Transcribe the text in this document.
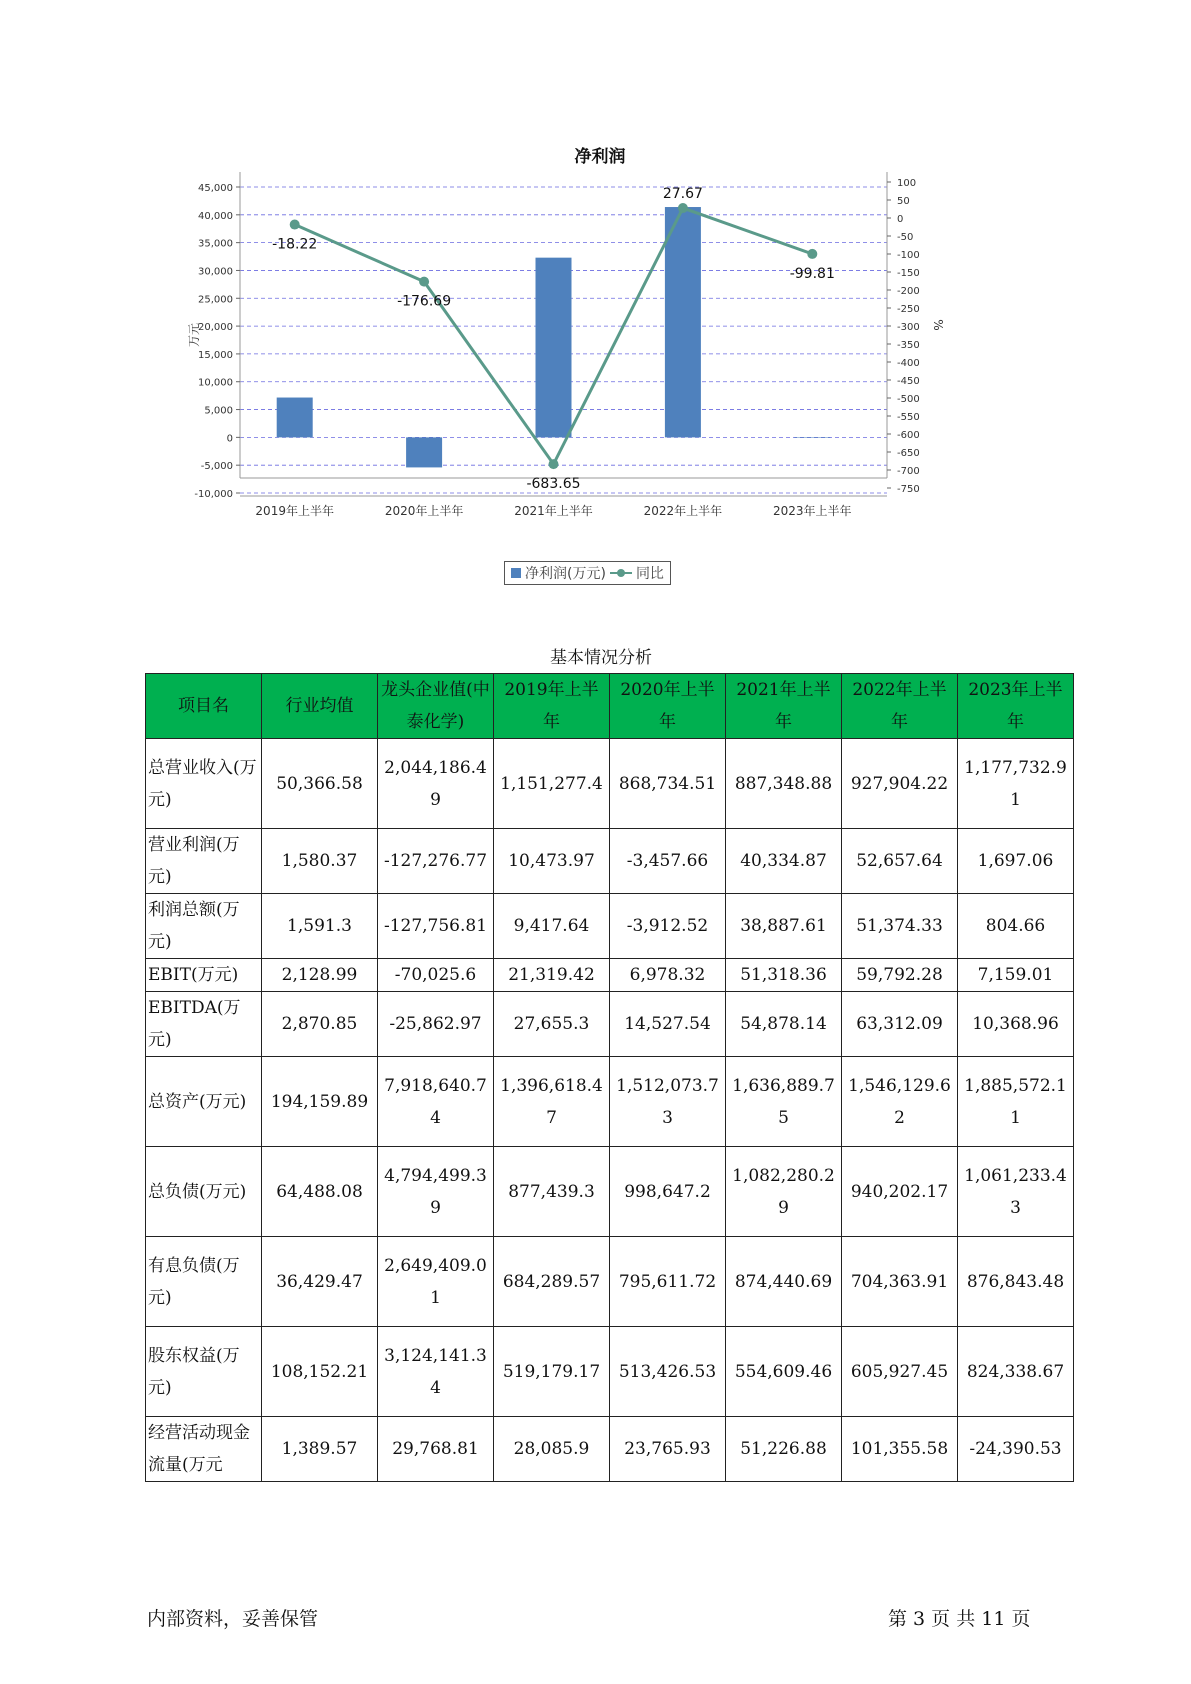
净利润
45,000
40,000
35,000
30,000
25,000
20,000
15,000
10,000
5,000
0
-5,000
-10,000
100
50
0
-50
-100
-150
-200
-250
-300
-350
-400
-450
-500
-550
-600
-650
-700
-750
-18.22
-176.69
-683.65
27.67
-99.81
2019年上半年	2020年上半年	2021年上半年	2022年上半年	2023年上半年
万元	%
净利润(万元) 同比
基本情况分析
项目名	行业均值	龙头企业值(中泰化学)	2019年上半年	2020年上半年	2021年上半年	2022年上半年	2023年上半年
总营业收入(万元)	50,366.58	2,044,186.49	1,151,277.4	868,734.51	887,348.88	927,904.22	1,177,732.91
营业利润(万元)	1,580.37	-127,276.77	10,473.97	-3,457.66	40,334.87	52,657.64	1,697.06
利润总额(万元)	1,591.3	-127,756.81	9,417.64	-3,912.52	38,887.61	51,374.33	804.66
EBIT(万元)	2,128.99	-70,025.6	21,319.42	6,978.32	51,318.36	59,792.28	7,159.01
EBITDA(万元)	2,870.85	-25,862.97	27,655.3	14,527.54	54,878.14	63,312.09	10,368.96
总资产(万元)	194,159.89	7,918,640.74	1,396,618.47	1,512,073.73	1,636,889.75	1,546,129.62	1,885,572.11
总负债(万元)	64,488.08	4,794,499.39	877,439.3	998,647.2	1,082,280.29	940,202.17	1,061,233.43
有息负债(万元)	36,429.47	2,649,409.01	684,289.57	795,611.72	874,440.69	704,363.91	876,843.48
股东权益(万元)	108,152.21	3,124,141.34	519,179.17	513,426.53	554,609.46	605,927.45	824,338.67
经营活动现金流量(万元	1,389.57	29,768.81	28,085.9	23,765.93	51,226.88	101,355.58	-24,390.53
内部资料，妥善保管	第 3 页 共 11 页
